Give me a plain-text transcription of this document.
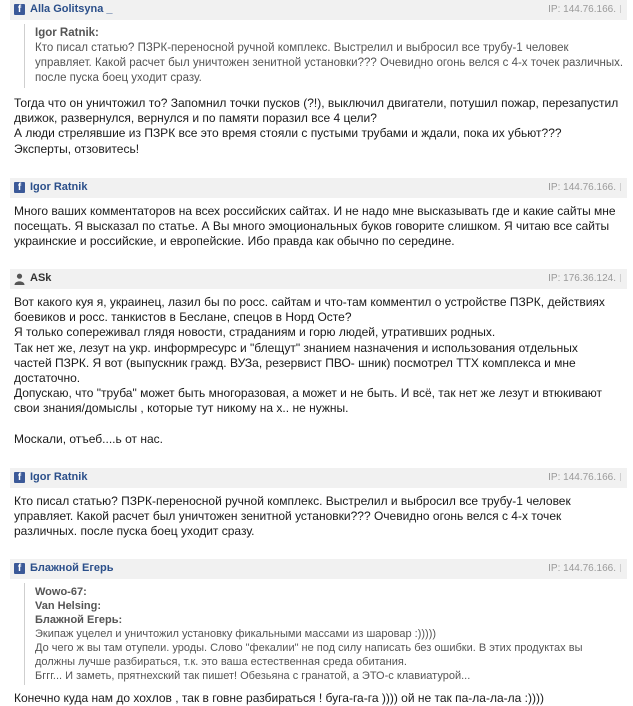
f Alla Golitsynа _	IP: 144.76.166.
Igor Ratnik:
Кто писал статью? ПЗРК-переносной ручной комплекс. Выстрелил и выбросил все трубу-1 человек
управляет. Какой расчет был уничтожен зенитной установки??? Очевидно огонь велся с 4-х точек различных.
после пуска боец уходит сразу.
Тогда что он уничтожил то? Запомнил точки пусков (?!), выключил двигатели, потушил пожар, перезапустил
движок, развернулся, вернулся и по памяти поразил все 4 цели?
А люди стрелявшие из ПЗРК все это время стояли с пустыми трубами и ждали, пока их убьют???
Эксперты, отзовитесь!
f Igor Ratnik	IP: 144.76.166.
Много ваших комментаторов на всех российских сайтах. И не надо мне высказывать где и какие сайты мне
посещать. Я высказал по статье. А Вы много эмоциональных буков говорите слишком. Я читаю все сайты
украинские и российские, и европейские. Ибо правда как обычно по середине.
ASk	IP: 176.36.124.
Вот какого куя я, украинец, лазил бы по росс. сайтам и что-там комментил о устройстве ПЗРК, действиях
боевиков и росс. танкистов в Беслане, спецов в Норд Осте?
Я только сопереживал глядя новости, страданиям и горю людей, утративших родных.
Так нет же, лезут на укр. информресурс и "блещут" знанием назначения и использования отдельных
частей ПЗРК. Я вот (выпускник гражд. ВУЗа, резервист ПВО- шник) посмотрел ТТХ комплекса и мне
достаточно.
Допускаю, что "труба" может быть многоразовая, а может и не быть. И всё, так нет же лезут и втюкивают
свои знания/домыслы , которые тут никому на х.. не нужны.

Москали, отъеб....ь от нас.
f Igor Ratnik	IP: 144.76.166.
Кто писал статью? ПЗРК-переносной ручной комплекс. Выстрелил и выбросил все трубу-1 человек
управляет. Какой расчет был уничтожен зенитной установки??? Очевидно огонь велся с 4-х точек
различных. после пуска боец уходит сразу.
f Блажной Егерь	IP: 144.76.166.
Wowo-67:
Van Helsing:
Блажной Егерь:
Экипаж уцелел и уничтожил установку фикальными массами из шаровар :)))))
До чего ж вы там отупели. уроды. Слово "фекалии" не под силу написать без ошибки. В этих продуктах вы
должны лучше разбираться, т.к. это ваша естественная среда обитания.
Бггг... И заметь, прятнехский так пишет! Обезьяна с гранатой, а ЭТО-с клавиатурой...
Конечно куда нам до хохлов , так в говне разбираться ! буга-га-га )))) ой не так па-ла-ла-ла :))))
